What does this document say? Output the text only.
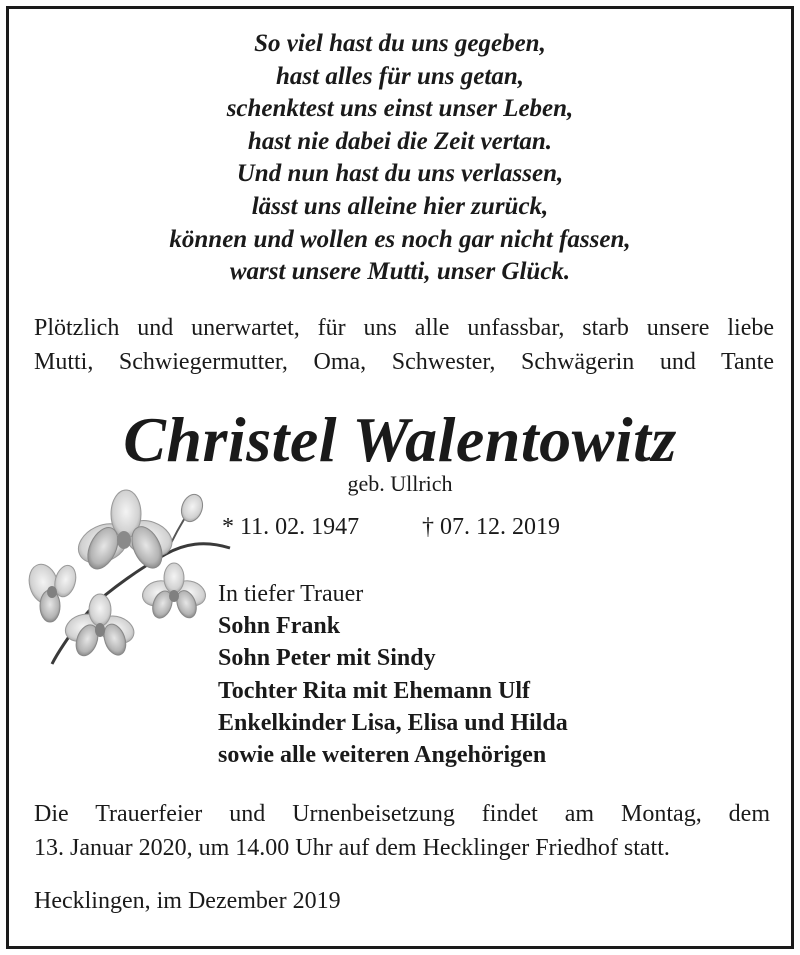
So viel hast du uns gegeben,
hast alles für uns getan,
schenktest uns einst unser Leben,
hast nie dabei die Zeit vertan.
Und nun hast du uns verlassen,
lässt uns alleine hier zurück,
können und wollen es noch gar nicht fassen,
warst unsere Mutti, unser Glück.
Plötzlich und unerwartet, für uns alle unfassbar, starb unsere liebe
Mutti, Schwiegermutter, Oma, Schwester, Schwägerin und Tante
Christel Walentowitz
geb. Ullrich
* 11. 02. 1947	† 07. 12. 2019
In tiefer Trauer
Sohn Frank
Sohn Peter mit Sindy
Tochter Rita mit Ehemann Ulf
Enkelkinder Lisa, Elisa und Hilda
sowie alle weiteren Angehörigen
Die Trauerfeier und Urnenbeisetzung findet am Montag, dem
13. Januar 2020, um 14.00 Uhr auf dem Hecklinger Friedhof statt.
Hecklingen, im Dezember 2019
